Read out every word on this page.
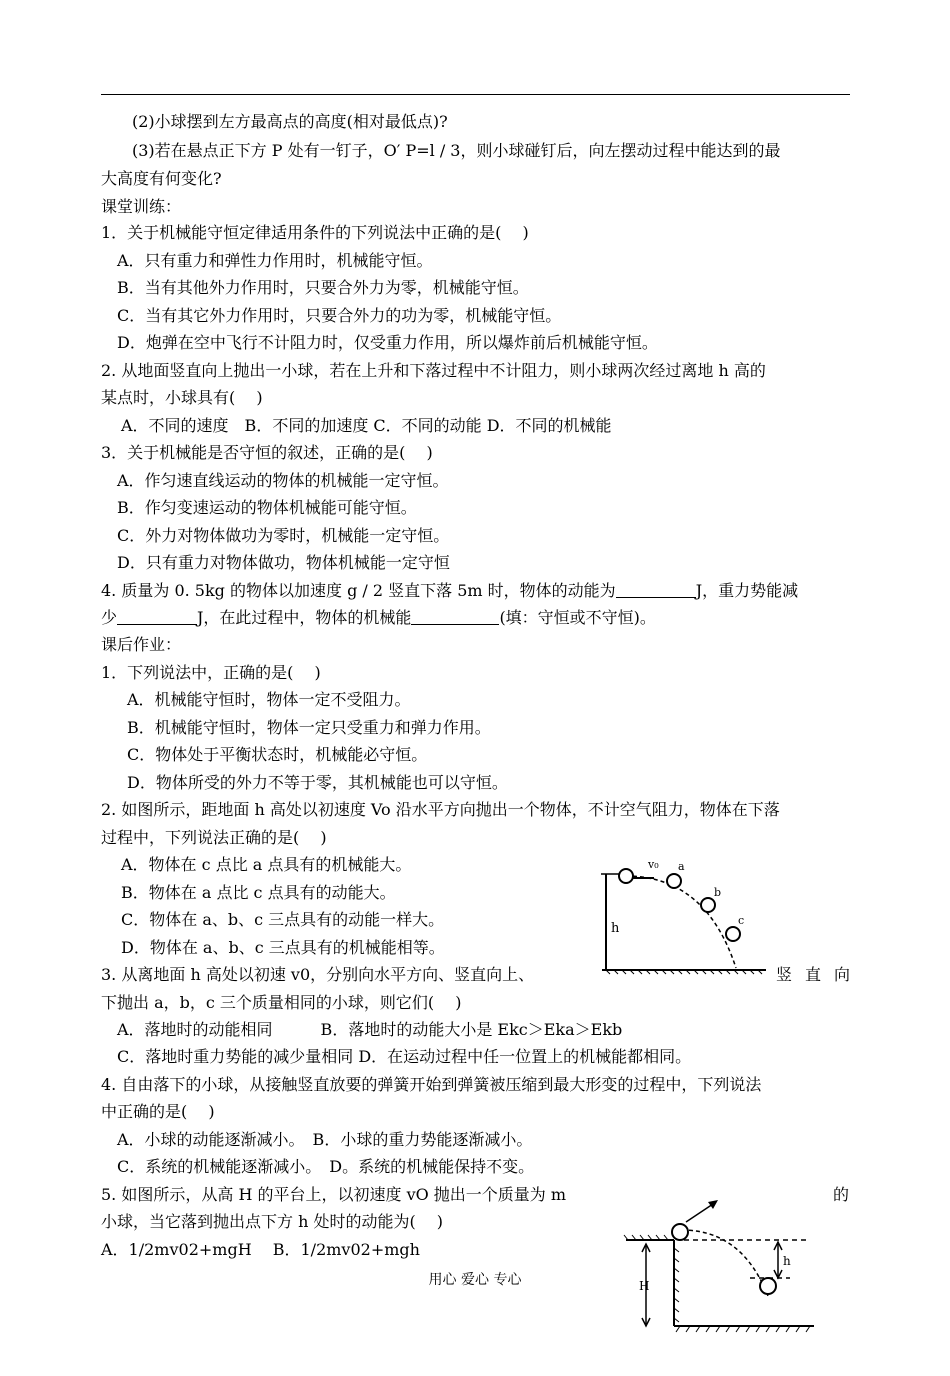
(2)小球摆到左方最高点的高度(相对最低点)?
(3)若在悬点正下方 P 处有一钉子，O′ P=l / 3，则小球碰钉后，向左摆动过程中能达到的最
大高度有何变化?
课堂训练：
1．关于机械能守恒定律适用条件的下列说法中正确的是(　 )
A．只有重力和弹性力作用时，机械能守恒。
B．当有其他外力作用时，只要合外力为零，机械能守恒。
C．当有其它外力作用时，只要合外力的功为零，机械能守恒。
D．炮弹在空中飞行不计阻力时，仅受重力作用，所以爆炸前后机械能守恒。
2. 从地面竖直向上抛出一小球，若在上升和下落过程中不计阻力，则小球两次经过离地 h 高的
某点时，小球具有(　 )
A．不同的速度　B．不同的加速度 C．不同的动能 D．不同的机械能
3．关于机械能是否守恒的叙述，正确的是(　 )
A．作匀速直线运动的物体的机械能一定守恒。
B．作匀变速运动的物体机械能可能守恒。
C．外力对物体做功为零时，机械能一定守恒。
D．只有重力对物体做功，物体机械能一定守恒
4. 质量为 0. 5kg 的物体以加速度 g / 2 竖直下落 5m 时，物体的动能为	J，重力势能减
少	J，在此过程中，物体的机械能	(填：守恒或不守恒)。
课后作业：
1．下列说法中，正确的是(　 )
A．机械能守恒时，物体一定不受阻力。
B．机械能守恒时，物体一定只受重力和弹力作用。
C．物体处于平衡状态时，机械能必守恒。
D．物体所受的外力不等于零，其机械能也可以守恒。
2. 如图所示，距地面 h 高处以初速度 Vo 沿水平方向抛出一个物体，不计空气阻力，物体在下落
过程中，下列说法正确的是(　 )
A．物体在 c 点比 a 点具有的机械能大。
B．物体在 a 点比 c 点具有的动能大。
C．物体在 a、b、c 三点具有的动能一样大。
D．物体在 a、b、c 三点具有的机械能相等。
3. 从离地面 h 高处以初速 v0，分别向水平方向、竖直向上、	竖 直 向
下抛出 a，b，c 三个质量相同的小球，则它们(　 )
A．落地时的动能相同　　　B．落地时的动能大小是 Ekc＞Eka＞Ekb
C．落地时重力势能的减少量相同 D．在运动过程中任一位置上的机械能都相同。
4. 自由落下的小球，从接触竖直放要的弹簧开始到弹簧被压缩到最大形变的过程中，下列说法
中正确的是(　 )
A．小球的动能逐渐减小。　B．小球的重力势能逐渐减小。
C．系统的机械能逐渐减小。　D。系统的机械能保持不变。
5. 如图所示，从高 H 的平台上，以初速度 vO 抛出一个质量为 m	的
小球，当它落到抛出点下方 h 处时的动能为(　 )
A．1/2mv02+mgH　 B．1/2mv02+mgh
h
v₀ a
b
c
H
h
用心 爱心 专心
